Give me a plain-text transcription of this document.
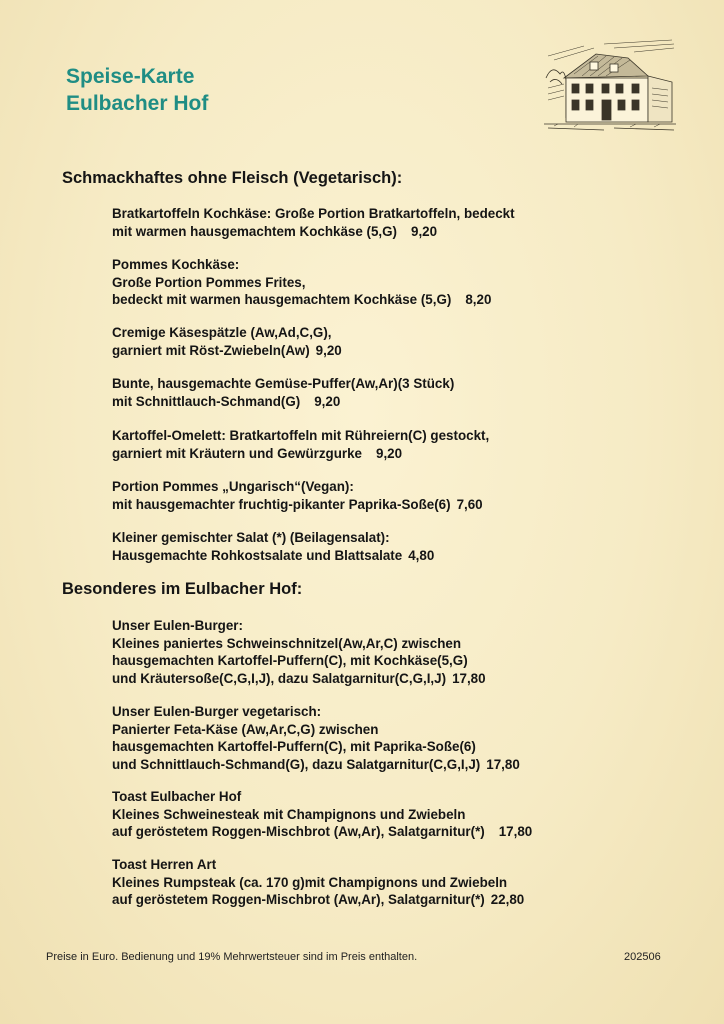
Speise-Karte
Eulbacher Hof
Schmackhaftes ohne Fleisch (Vegetarisch):
Bratkartoffeln Kochkäse: Große Portion Bratkartoffeln, bedeckt
mit warmen hausgemachtem Kochkäse (5,G) 9,20
Pommes Kochkäse:
Große Portion Pommes Frites,
bedeckt mit warmen hausgemachtem Kochkäse (5,G) 8,20
Cremige Käsespätzle (Aw,Ad,C,G),
garniert mit Röst-Zwiebeln(Aw) 9,20
Bunte, hausgemachte Gemüse-Puffer(Aw,Ar)(3 Stück)
mit Schnittlauch-Schmand(G) 9,20
Kartoffel-Omelett: Bratkartoffeln mit Rühreiern(C) gestockt,
garniert mit Kräutern und Gewürzgurke 9,20
Portion Pommes „Ungarisch“(Vegan):
mit hausgemachter fruchtig-pikanter Paprika-Soße(6) 7,60
Kleiner gemischter Salat (*) (Beilagensalat):
Hausgemachte Rohkostsalate und Blattsalate 4,80
Besonderes im Eulbacher Hof:
Unser Eulen-Burger:
Kleines paniertes Schweinschnitzel(Aw,Ar,C) zwischen
hausgemachten Kartoffel-Puffern(C), mit Kochkäse(5,G)
und Kräutersoße(C,G,I,J), dazu Salatgarnitur(C,G,I,J) 17,80
Unser Eulen-Burger vegetarisch:
Panierter Feta-Käse (Aw,Ar,C,G) zwischen
hausgemachten Kartoffel-Puffern(C), mit Paprika-Soße(6)
und Schnittlauch-Schmand(G), dazu Salatgarnitur(C,G,I,J) 17,80
Toast Eulbacher Hof
Kleines Schweinesteak mit Champignons und Zwiebeln
auf geröstetem Roggen-Mischbrot (Aw,Ar), Salatgarnitur(*) 17,80
Toast Herren Art
Kleines Rumpsteak (ca. 170 g)mit Champignons und Zwiebeln
auf geröstetem Roggen-Mischbrot (Aw,Ar), Salatgarnitur(*) 22,80
Preise in Euro. Bedienung und 19% Mehrwertsteuer sind im Preis enthalten.	202506
